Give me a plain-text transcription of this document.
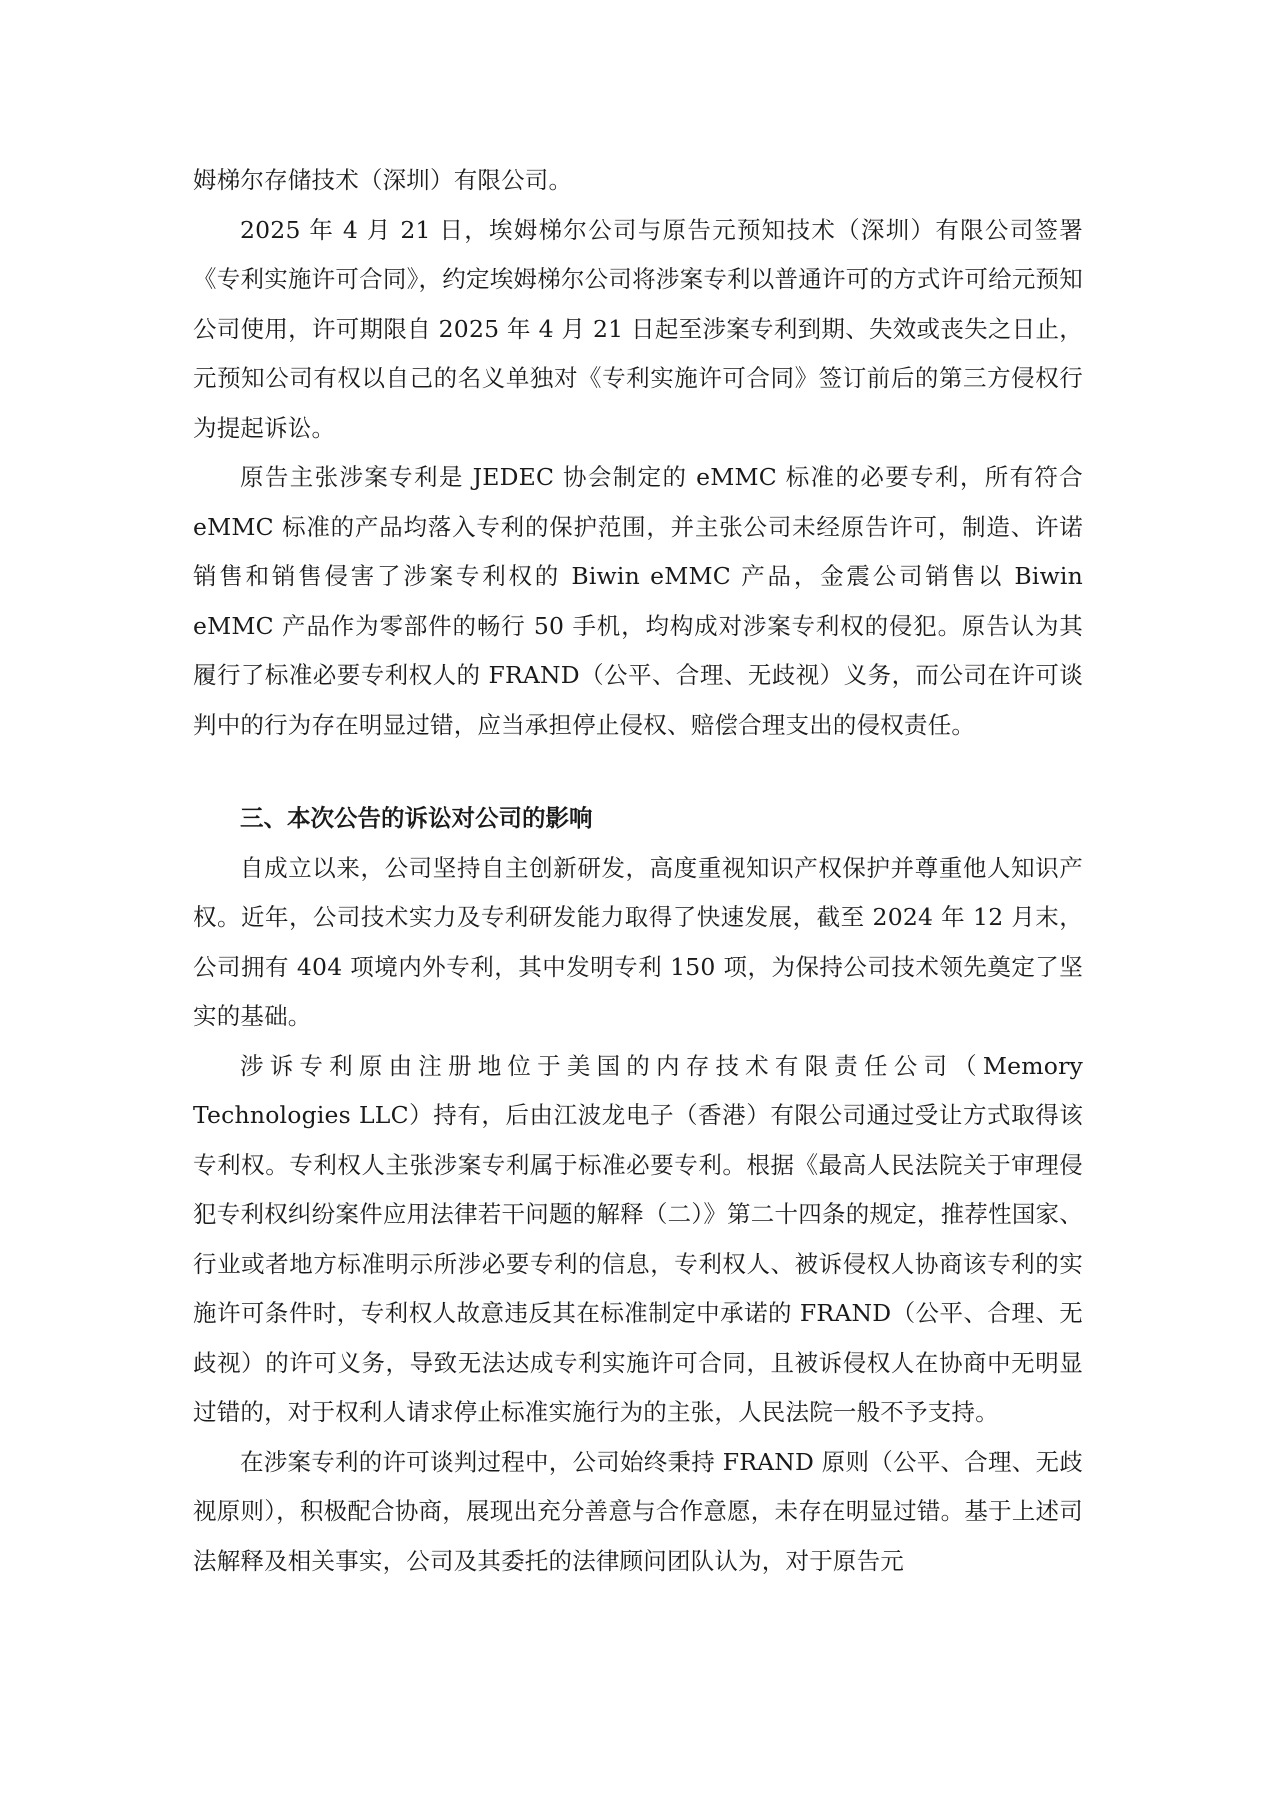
姆梯尔存储技术（深圳）有限公司。

2025 年 4 月 21 日，埃姆梯尔公司与原告元预知技术（深圳）有限公司签署《专利实施许可合同》，约定埃姆梯尔公司将涉案专利以普通许可的方式许可给元预知公司使用，许可期限自 2025 年 4 月 21 日起至涉案专利到期、失效或丧失之日止，元预知公司有权以自己的名义单独对《专利实施许可合同》签订前后的第三方侵权行为提起诉讼。

原告主张涉案专利是 JEDEC 协会制定的 eMMC 标准的必要专利，所有符合 eMMC 标准的产品均落入专利的保护范围，并主张公司未经原告许可，制造、许诺销售和销售侵害了涉案专利权的 Biwin eMMC 产品，金震公司销售以 Biwin eMMC 产品作为零部件的畅行 50 手机，均构成对涉案专利权的侵犯。原告认为其履行了标准必要专利权人的 FRAND（公平、合理、无歧视）义务，而公司在许可谈判中的行为存在明显过错，应当承担停止侵权、赔偿合理支出的侵权责任。

三、本次公告的诉讼对公司的影响

自成立以来，公司坚持自主创新研发，高度重视知识产权保护并尊重他人知识产权。近年，公司技术实力及专利研发能力取得了快速发展，截至 2024 年 12 月末，公司拥有 404 项境内外专利，其中发明专利 150 项，为保持公司技术领先奠定了坚实的基础。

涉诉专利原由注册地位于美国的内存技术有限责任公司（Memory Technologies LLC）持有，后由江波龙电子（香港）有限公司通过受让方式取得该专利权。专利权人主张涉案专利属于标准必要专利。根据《最高人民法院关于审理侵犯专利权纠纷案件应用法律若干问题的解释（二）》第二十四条的规定，推荐性国家、行业或者地方标准明示所涉必要专利的信息，专利权人、被诉侵权人协商该专利的实施许可条件时，专利权人故意违反其在标准制定中承诺的 FRAND（公平、合理、无歧视）的许可义务，导致无法达成专利实施许可合同，且被诉侵权人在协商中无明显过错的，对于权利人请求停止标准实施行为的主张，人民法院一般不予支持。

在涉案专利的许可谈判过程中，公司始终秉持 FRAND 原则（公平、合理、无歧视原则），积极配合协商，展现出充分善意与合作意愿，未存在明显过错。基于上述司法解释及相关事实，公司及其委托的法律顾问团队认为，对于原告元
